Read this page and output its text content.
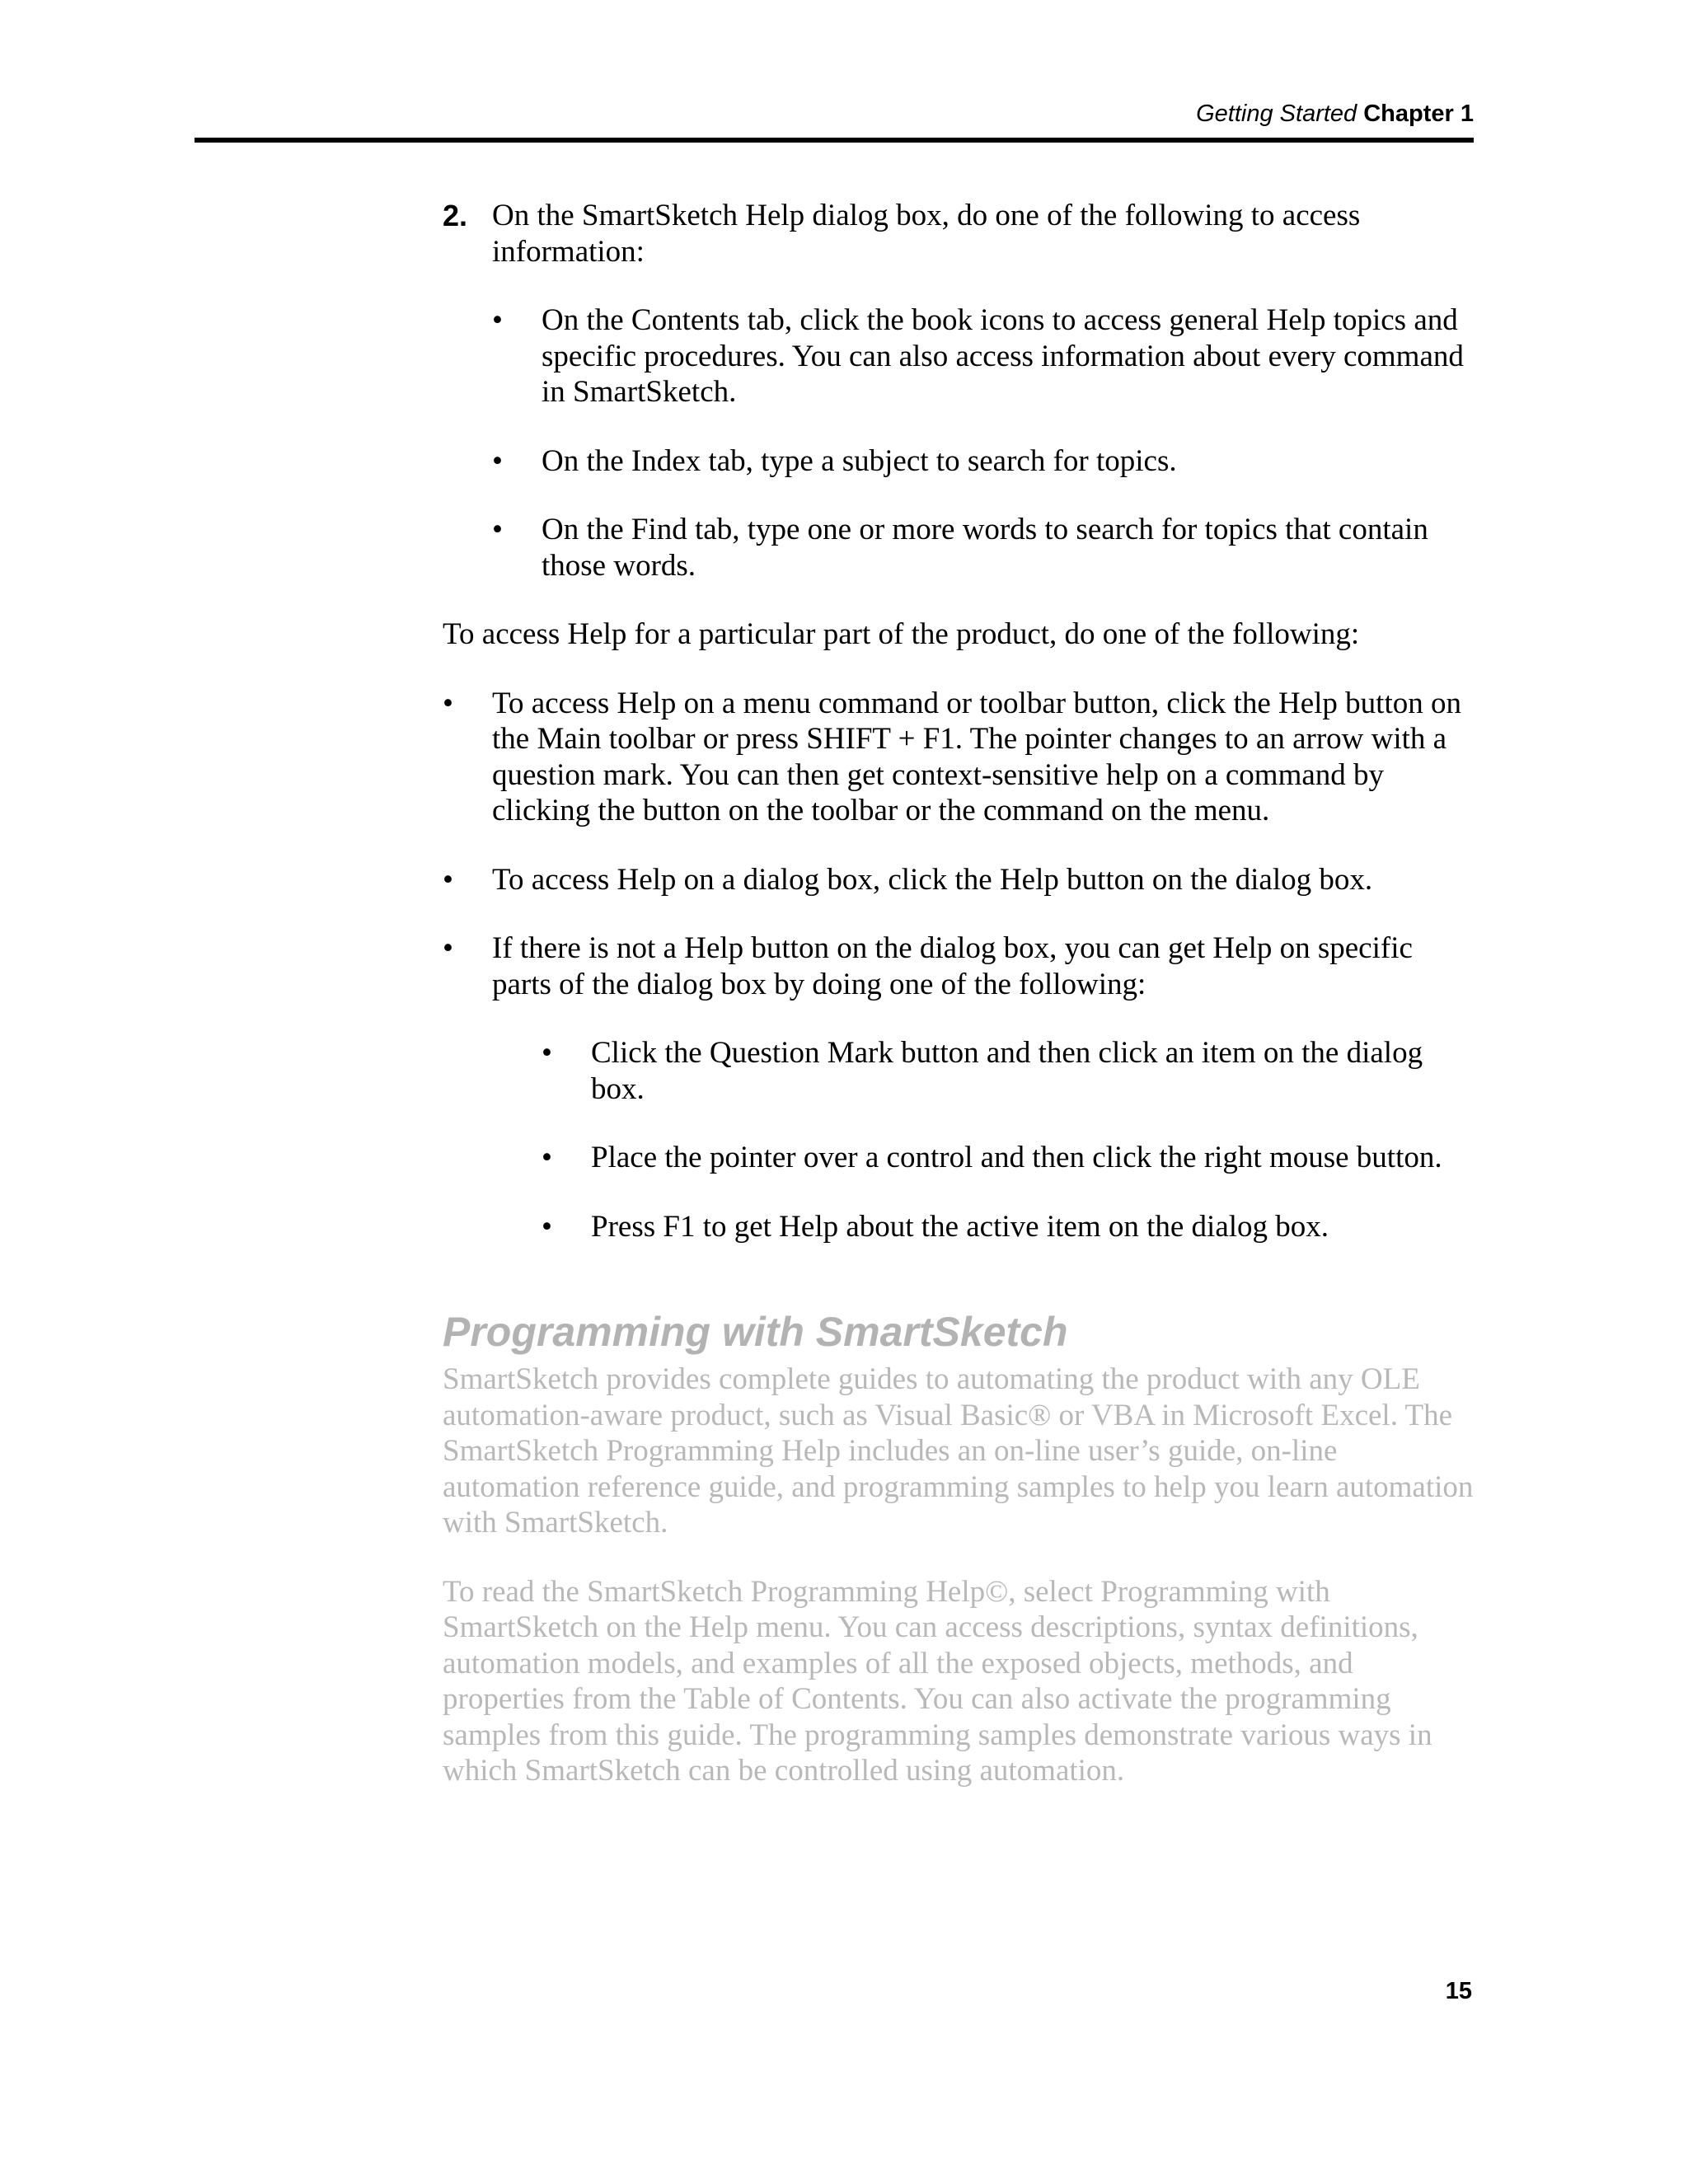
Getting Started Chapter 1
2. On the SmartSketch Help dialog box, do one of the following to access information:
•	On the Contents tab, click the book icons to access general Help topics and specific procedures. You can also access information about every command in SmartSketch.
•	On the Index tab, type a subject to search for topics.
•	On the Find tab, type one or more words to search for topics that contain those words.

To access Help for a particular part of the product, do one of the following:

•	To access Help on a menu command or toolbar button, click the Help button on the Main toolbar or press SHIFT + F1. The pointer changes to an arrow with a question mark. You can then get context-sensitive help on a command by clicking the button on the toolbar or the command on the menu.
•	To access Help on a dialog box, click the Help button on the dialog box.
•	If there is not a Help button on the dialog box, you can get Help on specific parts of the dialog box by doing one of the following:
•	Click the Question Mark button and then click an item on the dialog box.
•	Place the pointer over a control and then click the right mouse button.
•	Press F1 to get Help about the active item on the dialog box.
Programming with SmartSketch

SmartSketch provides complete guides to automating the product with any OLE automation-aware product, such as Visual Basic® or VBA in Microsoft Excel. The SmartSketch Programming Help includes an on-line user’s guide, on-line automation reference guide, and programming samples to help you learn automation with SmartSketch.

To read the SmartSketch Programming Help©, select Programming with SmartSketch on the Help menu. You can access descriptions, syntax definitions, automation models, and examples of all the exposed objects, methods, and properties from the Table of Contents. You can also activate the programming samples from this guide. The programming samples demonstrate various ways in which SmartSketch can be controlled using automation.

15
